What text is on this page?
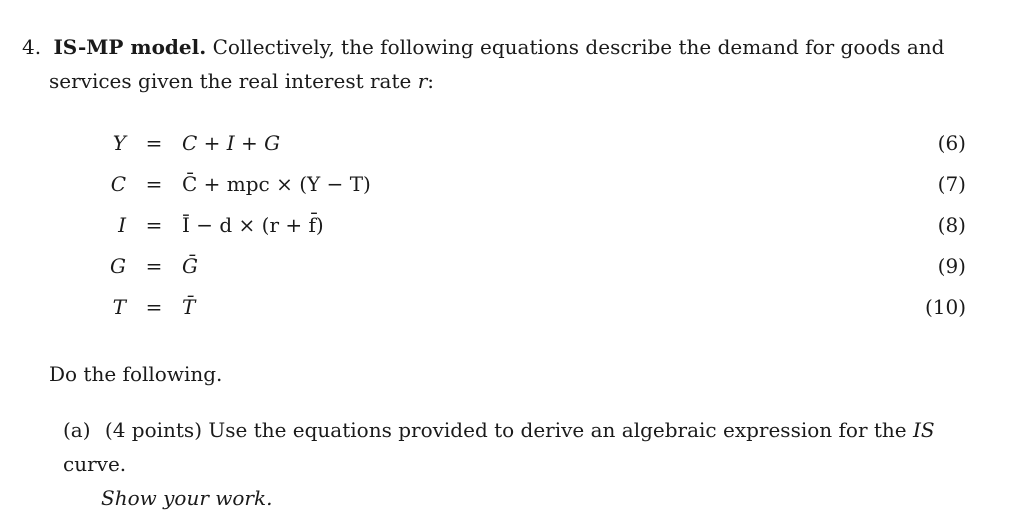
4. IS-MP model. Collectively, the following equations describe the demand for goods and
services given the real interest rate r:
Y = C + I + G	(6)
C = C̄ + mpc × (Y − T)	(7)
I = Ī − d × (r + f̄)	(8)
G = Ḡ	(9)
T = T̄	(10)
Do the following.
(a) (4 points) Use the equations provided to derive an algebraic expression for the IS curve.
Show your work.
